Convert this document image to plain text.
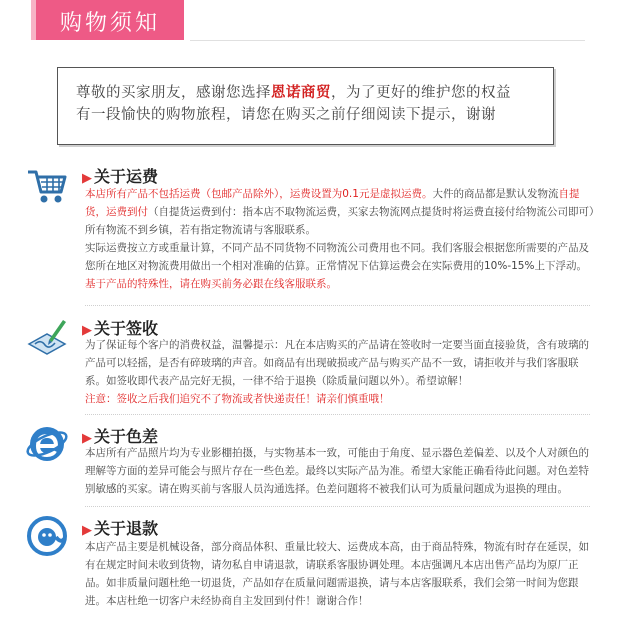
购物须知
尊敬的买家朋友，感谢您选择恩诺商贸，为了更好的维护您的权益
有一段愉快的购物旅程，请您在购买之前仔细阅读下提示，谢谢
▶ 关于运费
本店所有产品不包括运费（包邮产品除外），运费设置为0.1元是虚拟运费。大件的商品都是默认发物流自提货，运费到付（自提货运费到付：指本店不取物流运费，买家去物流网点提货时将运费直接付给物流公司即可）所有物流不到乡镇，若有指定物流请与客服联系。
实际运费按立方或重量计算，不同产品不同货物不同物流公司费用也不同。我们客服会根据您所需要的产品及您所在地区对物流费用做出一个相对准确的估算。正常情况下估算运费会在实际费用的10%-15%上下浮动。
基于产品的特殊性，请在购买前务必跟在线客服联系。
▶ 关于签收
为了保证每个客户的消费权益，温馨提示：凡在本店购买的产品请在签收时一定要当面直接验货，含有玻璃的产品可以轻摇，是否有碎玻璃的声音。如商品有出现破损或产品与购买产品不一致，请拒收并与我们客服联系。如签收即代表产品完好无损，一律不给于退换（除质量问题以外）。希望谅解！
注意：签收之后我们追究不了物流或者快递责任！请亲们慎重哦！
▶ 关于色差
本店所有产品照片均为专业影棚拍摄，与实物基本一致，可能由于角度、显示器色差偏差、以及个人对颜色的理解等方面的差异可能会与照片存在一些色差。最终以实际产品为准。希望大家能正确看待此问题。对色差特别敏感的买家。请在购买前与客服人员沟通选择。色差问题将不被我们认可为质量问题成为退换的理由。
▶ 关于退款
本店产品主要是机械设备，部分商品体积、重量比较大、运费成本高，由于商品特殊，物流有时存在延误，如有在规定时间未收到货物，请勿私自申请退款，请联系客服协调处理。本店强调凡本店出售产品均为原厂正品。如非质量问题杜绝一切退货，产品如存在质量问题需退换，请与本店客服联系，我们会第一时间为您跟进。本店杜绝一切客户未经协商自主发回到付件！谢谢合作！
